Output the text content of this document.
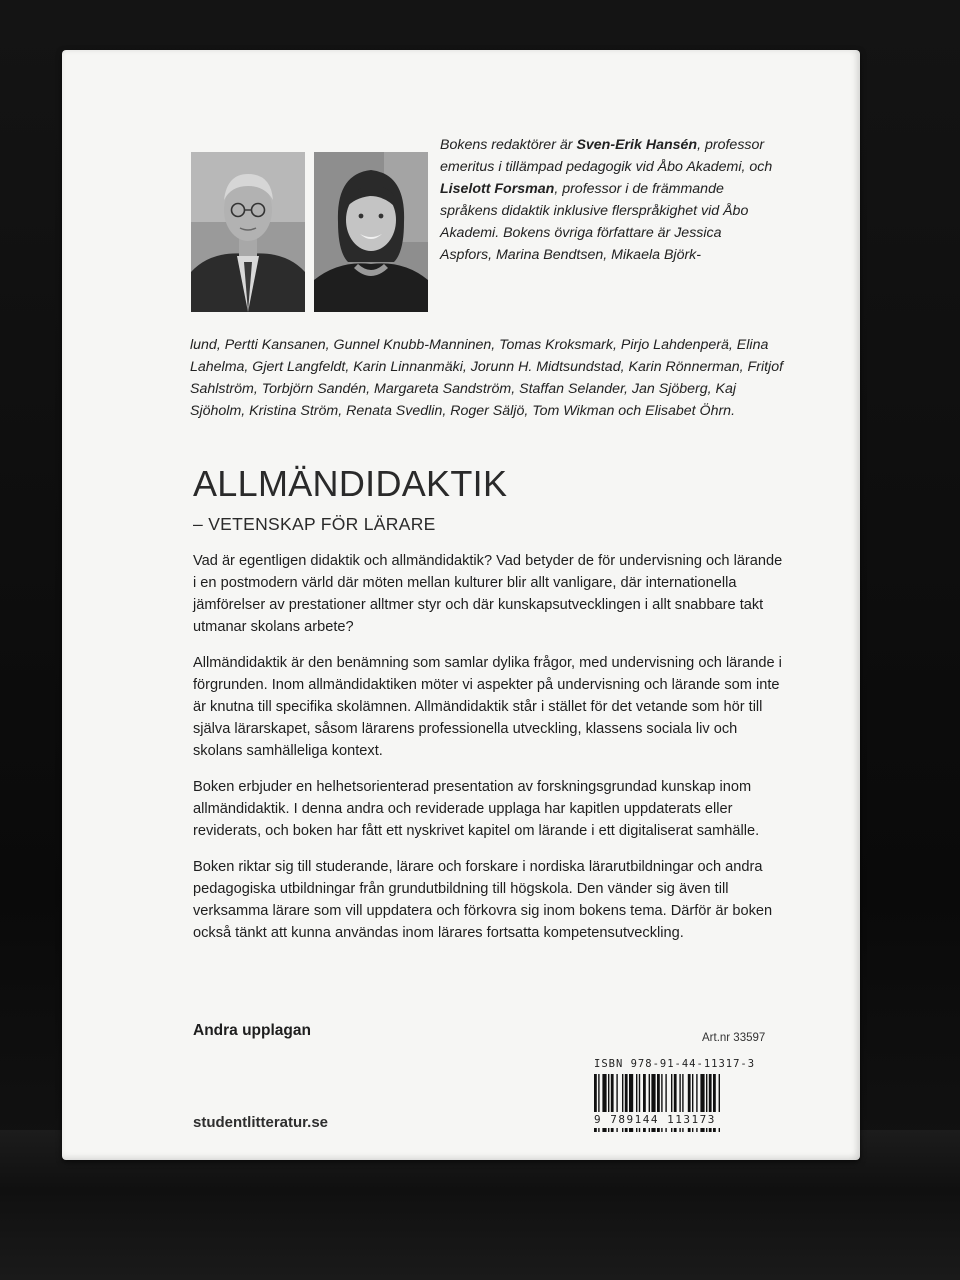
Bokens redaktörer är Sven-Erik Hansén, professor emeritus i tillämpad pedagogik vid Åbo Akademi, och Liselott Forsman, professor i de främmande språkens didaktik inklusive flerspråkighet vid Åbo Akademi. Bokens övriga författare är Jessica Aspfors, Marina Bendtsen, Mikaela Björk-
lund, Pertti Kansanen, Gunnel Knubb-Manninen, Tomas Kroksmark, Pirjo Lahdenperä, Elina Lahelma, Gjert Langfeldt, Karin Linnanmäki, Jorunn H. Midtsundstad, Karin Rönnerman, Fritjof Sahlström, Torbjörn Sandén, Margareta Sandström, Staffan Selander, Jan Sjöberg, Kaj Sjöholm, Kristina Ström, Renata Svedlin, Roger Säljö, Tom Wikman och Elisabet Öhrn.
ALLMÄNDIDAKTIK
– VETENSKAP FÖR LÄRARE

Vad är egentligen didaktik och allmändidaktik? Vad betyder de för undervisning och lärande i en postmodern värld där möten mellan kulturer blir allt vanligare, där internationella jämförelser av prestationer alltmer styr och där kunskapsutvecklingen i allt snabbare takt utmanar skolans arbete?

Allmändidaktik är den benämning som samlar dylika frågor, med undervisning och lärande i förgrunden. Inom allmändidaktiken möter vi aspekter på undervisning och lärande som inte är knutna till specifika skolämnen. Allmändidaktik står i stället för det vetande som hör till själva lärarskapet, såsom lärarens professionella utveckling, klassens sociala liv och skolans samhälleliga kontext.

Boken erbjuder en helhetsorienterad presentation av forskningsgrundad kunskap inom allmändidaktik. I denna andra och reviderade upplaga har kapitlen uppdaterats eller reviderats, och boken har fått ett nyskrivet kapitel om lärande i ett digitaliserat samhälle.

Boken riktar sig till studerande, lärare och forskare i nordiska lärarutbildningar och andra pedagogiska utbildningar från grundutbildning till högskola. Den vänder sig även till verksamma lärare som vill uppdatera och förkovra sig inom bokens tema. Därför är boken också tänkt att kunna användas inom lärares fortsatta kompetensutveckling.

Andra upplagan	Art.nr 33597
ISBN 978-91-44-11317-3
9 789144 113173
studentlitteratur.se
